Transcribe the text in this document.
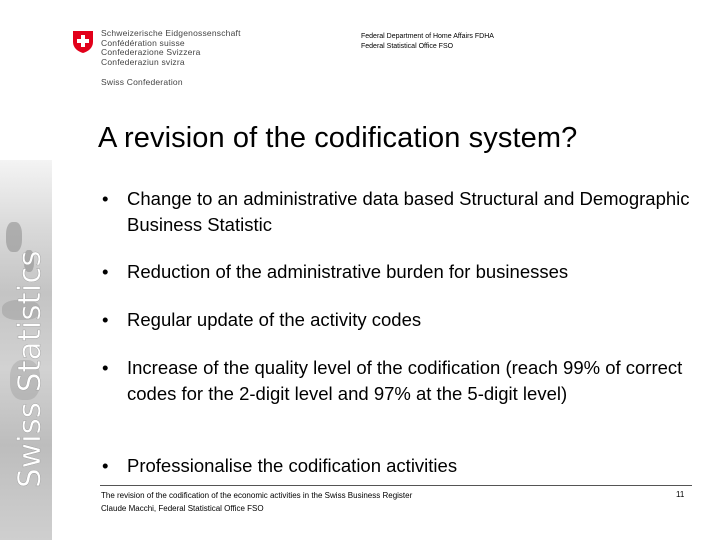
Swiss Statistics
Schweizerische Eidgenossenschaft
Confédération suisse
Confederazione Svizzera
Confederaziun svizra
Swiss Confederation
Federal Department of Home Affairs FDHA
Federal Statistical Office FSO
A revision of the codification system?
• Change to an administrative data based Structural and Demographic Business Statistic
• Reduction of the administrative burden for businesses
• Regular update of the activity codes
• Increase of the quality level of the codification (reach 99% of correct codes for the 2-digit level and 97% at the 5-digit level)
• Professionalise the codification activities
The revision of the codification of the economic activities in the Swiss Business Register
Claude Macchi, Federal Statistical Office FSO
11
